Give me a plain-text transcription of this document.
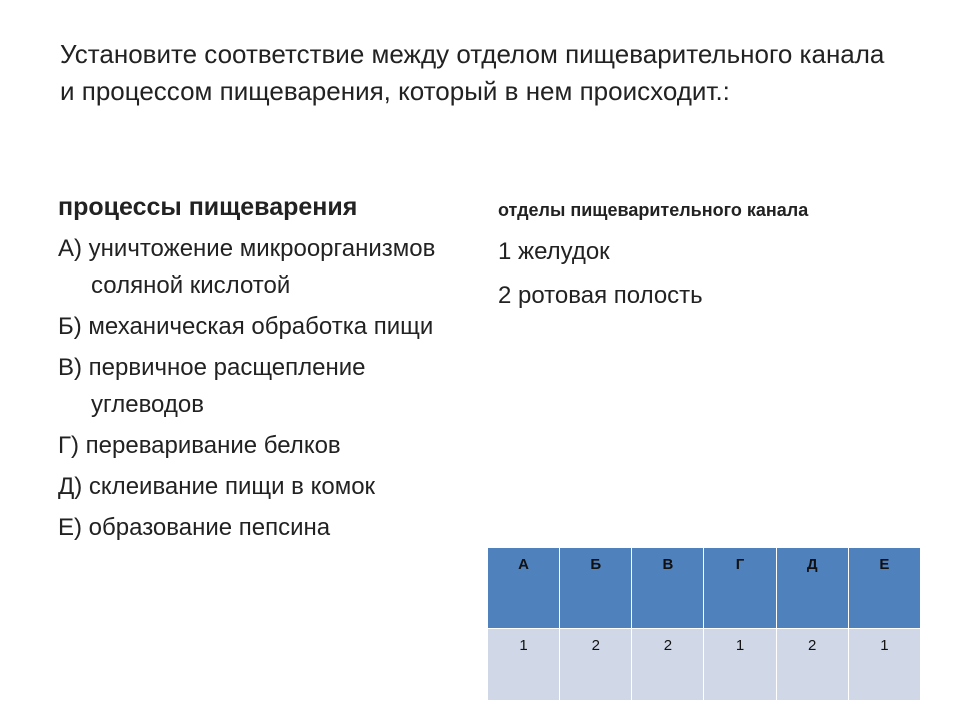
Установите соответствие между отделом пищеварительного канала и процессом пищеварения, который в нем происходит.:
процессы пищеварения
А) уничтожение микроорганизмов соляной кислотой
Б) механическая обработка пищи
В) первичное расщепление углеводов
Г) переваривание белков
Д) склеивание пищи в комок
Е) образование пепсина
отделы пищеварительного канала
1 желудок
2 ротовая полость
А	Б	В	Г	Д	Е
1	2	2	1	2	1
